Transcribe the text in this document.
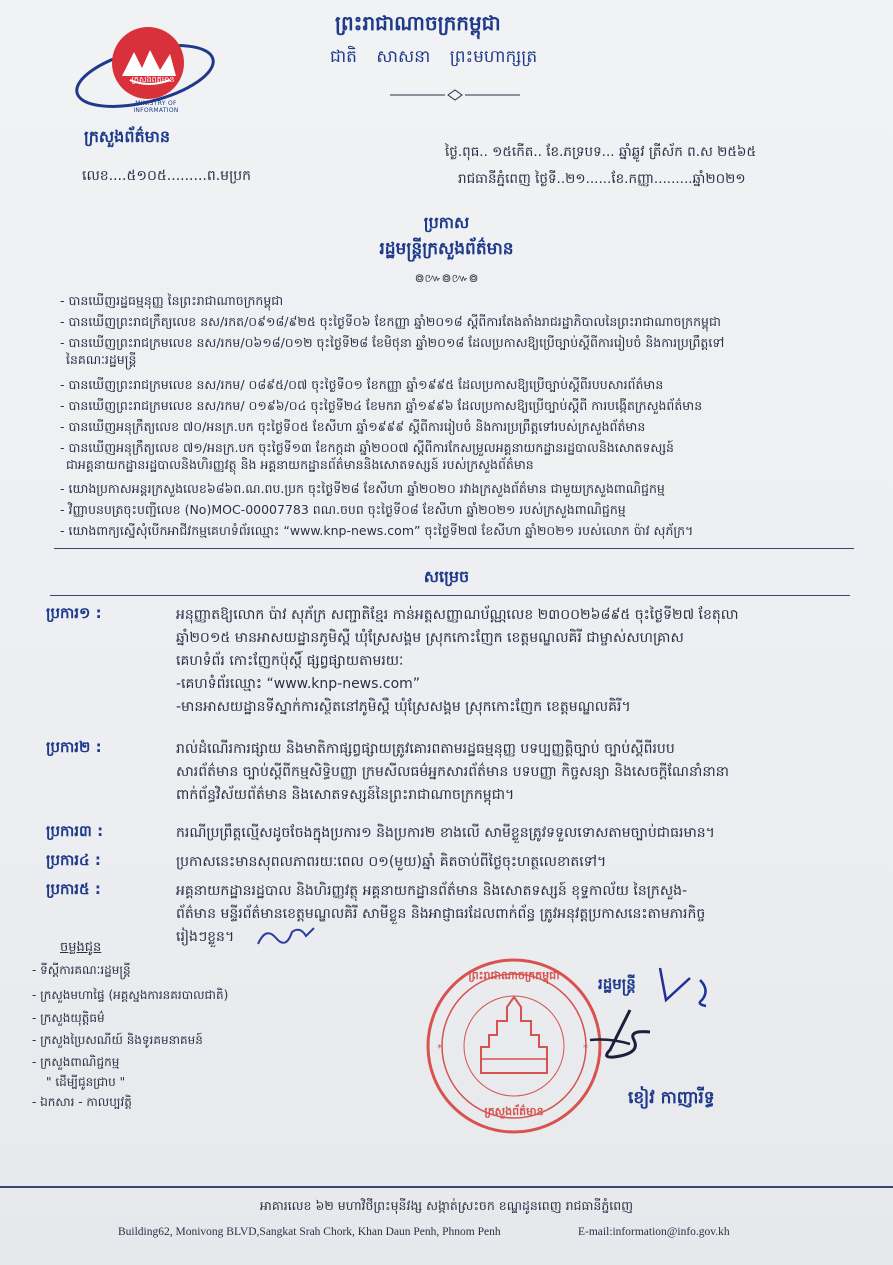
ក្រសួងព័ត៌មាន
MINISTRY OF INFORMATION
ព្រះរាជាណាចក្រកម្ពុជា
ជាតិ សាសនា ព្រះមហាក្សត្រ
ក្រសួងព័ត៌មាន
លេខ....៥១០៥.........ព.មប្រក
ថ្ងៃ.ពុធ.. ១៥កើត.. ខែ.ភទ្របទ... ឆ្នាំឆ្លូវ ត្រីស័ក ព.ស ២៥៦៥
រាជធានីភ្នំពេញ ថ្ងៃទី..២១......ខែ.កញ្ញា.........ឆ្នាំ២០២១
ប្រកាស
រដ្ឋមន្ត្រីក្រសួងព័ត៌មាន
៙៚៙៚៙
- បានឃើញរដ្ឋធម្មនុញ្ញ នៃព្រះរាជាណាចក្រកម្ពុជា
- បានឃើញព្រះរាជក្រឹត្យលេខ នស/រកត/០៩១៨/៩២៥ ចុះថ្ងៃទី០៦ ខែកញ្ញា ឆ្នាំ២០១៨ ស្តីពីការតែងតាំងរាជរដ្ឋាភិបាលនៃព្រះរាជាណាចក្រកម្ពុជា
- បានឃើញព្រះរាជក្រមលេខ នស/រកម/០៦១៨/០១២ ចុះថ្ងៃទី២៨ ខែមិថុនា ឆ្នាំ២០១៨ ដែលប្រកាសឱ្យប្រើច្បាប់ស្តីពីការរៀបចំ និងការប្រព្រឹត្តទៅ
នៃគណៈរដ្ឋមន្ត្រី
- បានឃើញព្រះរាជក្រមលេខ នស/រកម/ ០៨៩៥/០៧ ចុះថ្ងៃទី០១ ខែកញ្ញា ឆ្នាំ១៩៩៥ ដែលប្រកាសឱ្យប្រើច្បាប់ស្តីពីរបបសារព័ត៌មាន
- បានឃើញព្រះរាជក្រមលេខ នស/រកម/ ០១៩៦/០៤ ចុះថ្ងៃទី២៤ ខែមករា ឆ្នាំ១៩៩៦ ដែលប្រកាសឱ្យប្រើច្បាប់ស្តីពី ការបង្កើតក្រសួងព័ត៌មាន
- បានឃើញអនុក្រឹត្យលេខ ៧០/អនក្រ.បក ចុះថ្ងៃទី០៥ ខែសីហា ឆ្នាំ១៩៩៩ ស្តីពីការរៀបចំ និងការប្រព្រឹត្តទៅរបស់ក្រសួងព័ត៌មាន
- បានឃើញអនុក្រឹត្យលេខ ៧១/អនក្រ.បក ចុះថ្ងៃទី១៣ ខែកក្កដា ឆ្នាំ២០០៧ ស្តីពីការកែសម្រួលអគ្គនាយកដ្ឋានរដ្ឋបាលនិងសោតទស្សន៍
ជាអគ្គនាយកដ្ឋានរដ្ឋបាលនិងហិរញ្ញវត្ថុ និង អគ្គនាយកដ្ឋានព័ត៌មាននិងសោតទស្សន៍ របស់ក្រសួងព័ត៌មាន
- យោងប្រកាសអន្តរក្រសួងលេខ៦៨៦ព.ណ.ពប.ប្រក ចុះថ្ងៃទី២៨ ខែសីហា ឆ្នាំ២០២០ រវាងក្រសួងព័ត៌មាន ជាមួយក្រសួងពាណិជ្ជកម្ម
- វិញ្ញាបនបត្រចុះបញ្ជីលេខ (No)MOC-00007783 ពណ.ចបព ចុះថ្ងៃទី០៨ ខែសីហា ឆ្នាំ២០២១ របស់ក្រសួងពាណិជ្ជកម្ម
- យោងពាក្យស្នើសុំបើកអាជីវកម្មគេហទំព័រឈ្មោះ “www.knp-news.com” ចុះថ្ងៃទី២៧ ខែសីហា ឆ្នាំ២០២១ របស់លោក ប៉ាវ សុភ័ក្រ។
សម្រេច
ប្រការ១ :	អនុញ្ញាតឱ្យលោក ប៉ាវ សុភ័ក្រ សញ្ជាតិខ្មែរ កាន់អត្តសញ្ញាណប័ណ្ណលេខ ២៣០០២៦៨៩៥ ចុះថ្ងៃទី២៧ ខែតុលា
ឆ្នាំ២០១៥ មានអាសយដ្ឋានភូមិស្ពឺ ឃុំស្រែសង្គម ស្រុកកោះញែក ខេត្តមណ្ឌលគិរី ជាម្ចាស់សហគ្រាស
គេហទំព័រ កោះញែកប៉ុស្តិ៍ ផ្សព្វផ្សាយតាមរយៈ
-គេហទំព័រឈ្មោះ “www.knp-news.com”
-មានអាសយដ្ឋានទីស្នាក់ការស្ថិតនៅភូមិស្ពឺ ឃុំស្រែសង្គម ស្រុកកោះញែក ខេត្តមណ្ឌលគិរី។
ប្រការ២ :	រាល់ដំណើរការផ្សាយ និងមាតិកាផ្សព្វផ្សាយត្រូវគោរពតាមរដ្ឋធម្មនុញ្ញ បទប្បញ្ញត្តិច្បាប់ ច្បាប់ស្តីពីរបប
សារព័ត៌មាន ច្បាប់ស្តីពីកម្មសិទ្ធិបញ្ញា ក្រមសីលធម៌អ្នកសារព័ត៌មាន បទបញ្ញា កិច្ចសន្យា និងសេចក្តីណែនាំនានា
ពាក់ព័ន្ធវិស័យព័ត៌មាន និងសោតទស្សន៍នៃព្រះរាជាណាចក្រកម្ពុជា។
ប្រការ៣ :	ករណីប្រព្រឹត្តល្មើសដូចចែងក្នុងប្រការ១ និងប្រការ២ ខាងលើ សាមីខ្លួនត្រូវទទួលទោសតាមច្បាប់ជាធរមាន។
ប្រការ៤ :	ប្រកាសនេះមានសុពលភាពរយៈពេល ០១(មួយ)ឆ្នាំ គិតចាប់ពីថ្ងៃចុះហត្ថលេខាតទៅ។
ប្រការ៥ :	អគ្គនាយកដ្ឋានរដ្ឋបាល និងហិរញ្ញវត្ថុ អគ្គនាយកដ្ឋានព័ត៌មាន និងសោតទស្សន៍ ខុទ្ទកាល័យ នៃក្រសួង-
ព័ត៌មាន មន្ទីរព័ត៌មានខេត្តមណ្ឌលគិរី សាមីខ្លួន និងអាជ្ញាធរដែលពាក់ព័ន្ធ ត្រូវអនុវត្តប្រកាសនេះតាមភារកិច្ច
រៀងៗខ្លួន។
ចម្លងជូន
- ទីស្តីការគណៈរដ្ឋមន្ត្រី
- ក្រសួងមហាផ្ទៃ (អគ្គស្នងការនគរបាលជាតិ)
- ក្រសួងយុត្តិធម៌
- ក្រសួងប្រៃសណីយ៍ និងទូរគមនាគមន៍
- ក្រសួងពាណិជ្ជកម្ម
" ដើម្បីជូនជ្រាប "
- ឯកសារ - កាលប្បវត្តិ
*	*
ព្រះរាជាណាចក្រកម្ពុជា
ក្រសួងព័ត៌មាន
រដ្ឋមន្ត្រី
ខៀវ កាញារីទ្ធ
អាគារលេខ ៦២ មហាវិថីព្រះមុនីវង្ស សង្កាត់ស្រះចក ខណ្ឌដូនពេញ រាជធានីភ្នំពេញ
Building62, Monivong BLVD,Sangkat Srah Chork, Khan Daun Penh, Phnom Penh	E-mail:information@info.gov.kh
